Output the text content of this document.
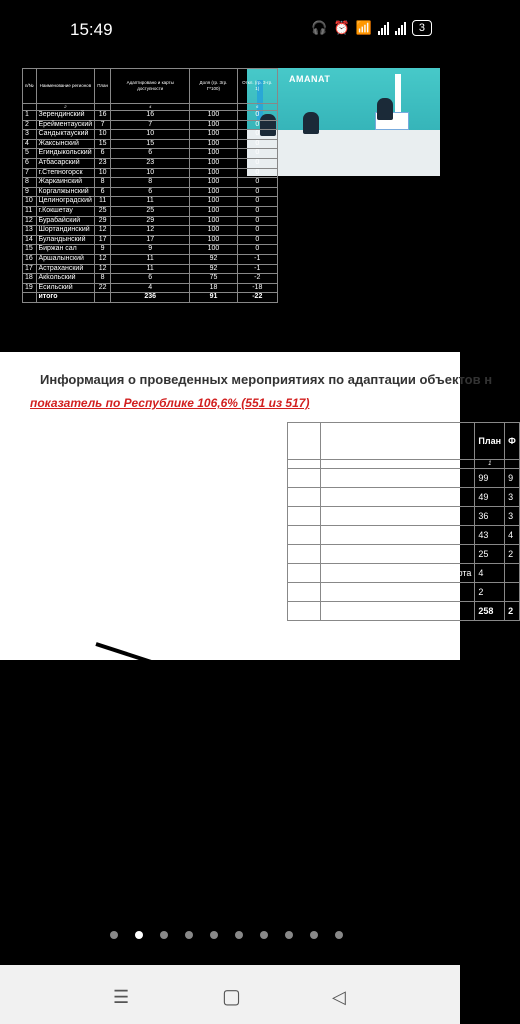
15:49	🎧 ⏰ 📶	3
AMANAT
Информация о проведенных мероприятиях по адаптации объектов н
показатель по Республике 106,6% (551 из 517)
п/№	Наименование регионов	План	Адаптировано и карты доступности	Доля (гр. 3гр. Г*100)	Откл. (гр. 3-гр. 1)
	2		4		6
1	Зерендинский	16	16	100	0
2	Ерейментауский	7	7	100	0
3	Сандыктауский	10	10	100	0
4	Жаксынский	15	15	100	0
5	Егиндыкольский	6	6	100	0
6	Атбасарский	23	23	100	0
7	г.Степногорск	10	10	100	0
8	Жаркаинский	8	8	100	0
9	Коргалжынский	6	6	100	0
10	Целиноградский	11	11	100	0
11	г.Кокшетау	25	25	100	0
12	Бурабайский	29	29	100	0
13	Шортандинский	12	12	100	0
14	Буландынский	17	17	100	0
15	Биржан сал	9	9	100	0
16	Аршалынский	12	11	92	-1
17	Астраханский	12	11	92	-1
18	Акkольский	8	6	75	-2
19	Есильский	22	4	18	-18
	итого		236	91	-22
п/п №	Наименование отраслей	План	Ф
А	Б	1	
1	Управление образования	99	9
2	Управление здравоохранения	49	3
3	Госуправление	36	3
4	Прочие	43	4
5	Управление культуры	25	2
6	Управление физ.культуры и спорта	4	
7	Объекты социальной защиты	2	
	Итого	258	2
☰	▢	◁
